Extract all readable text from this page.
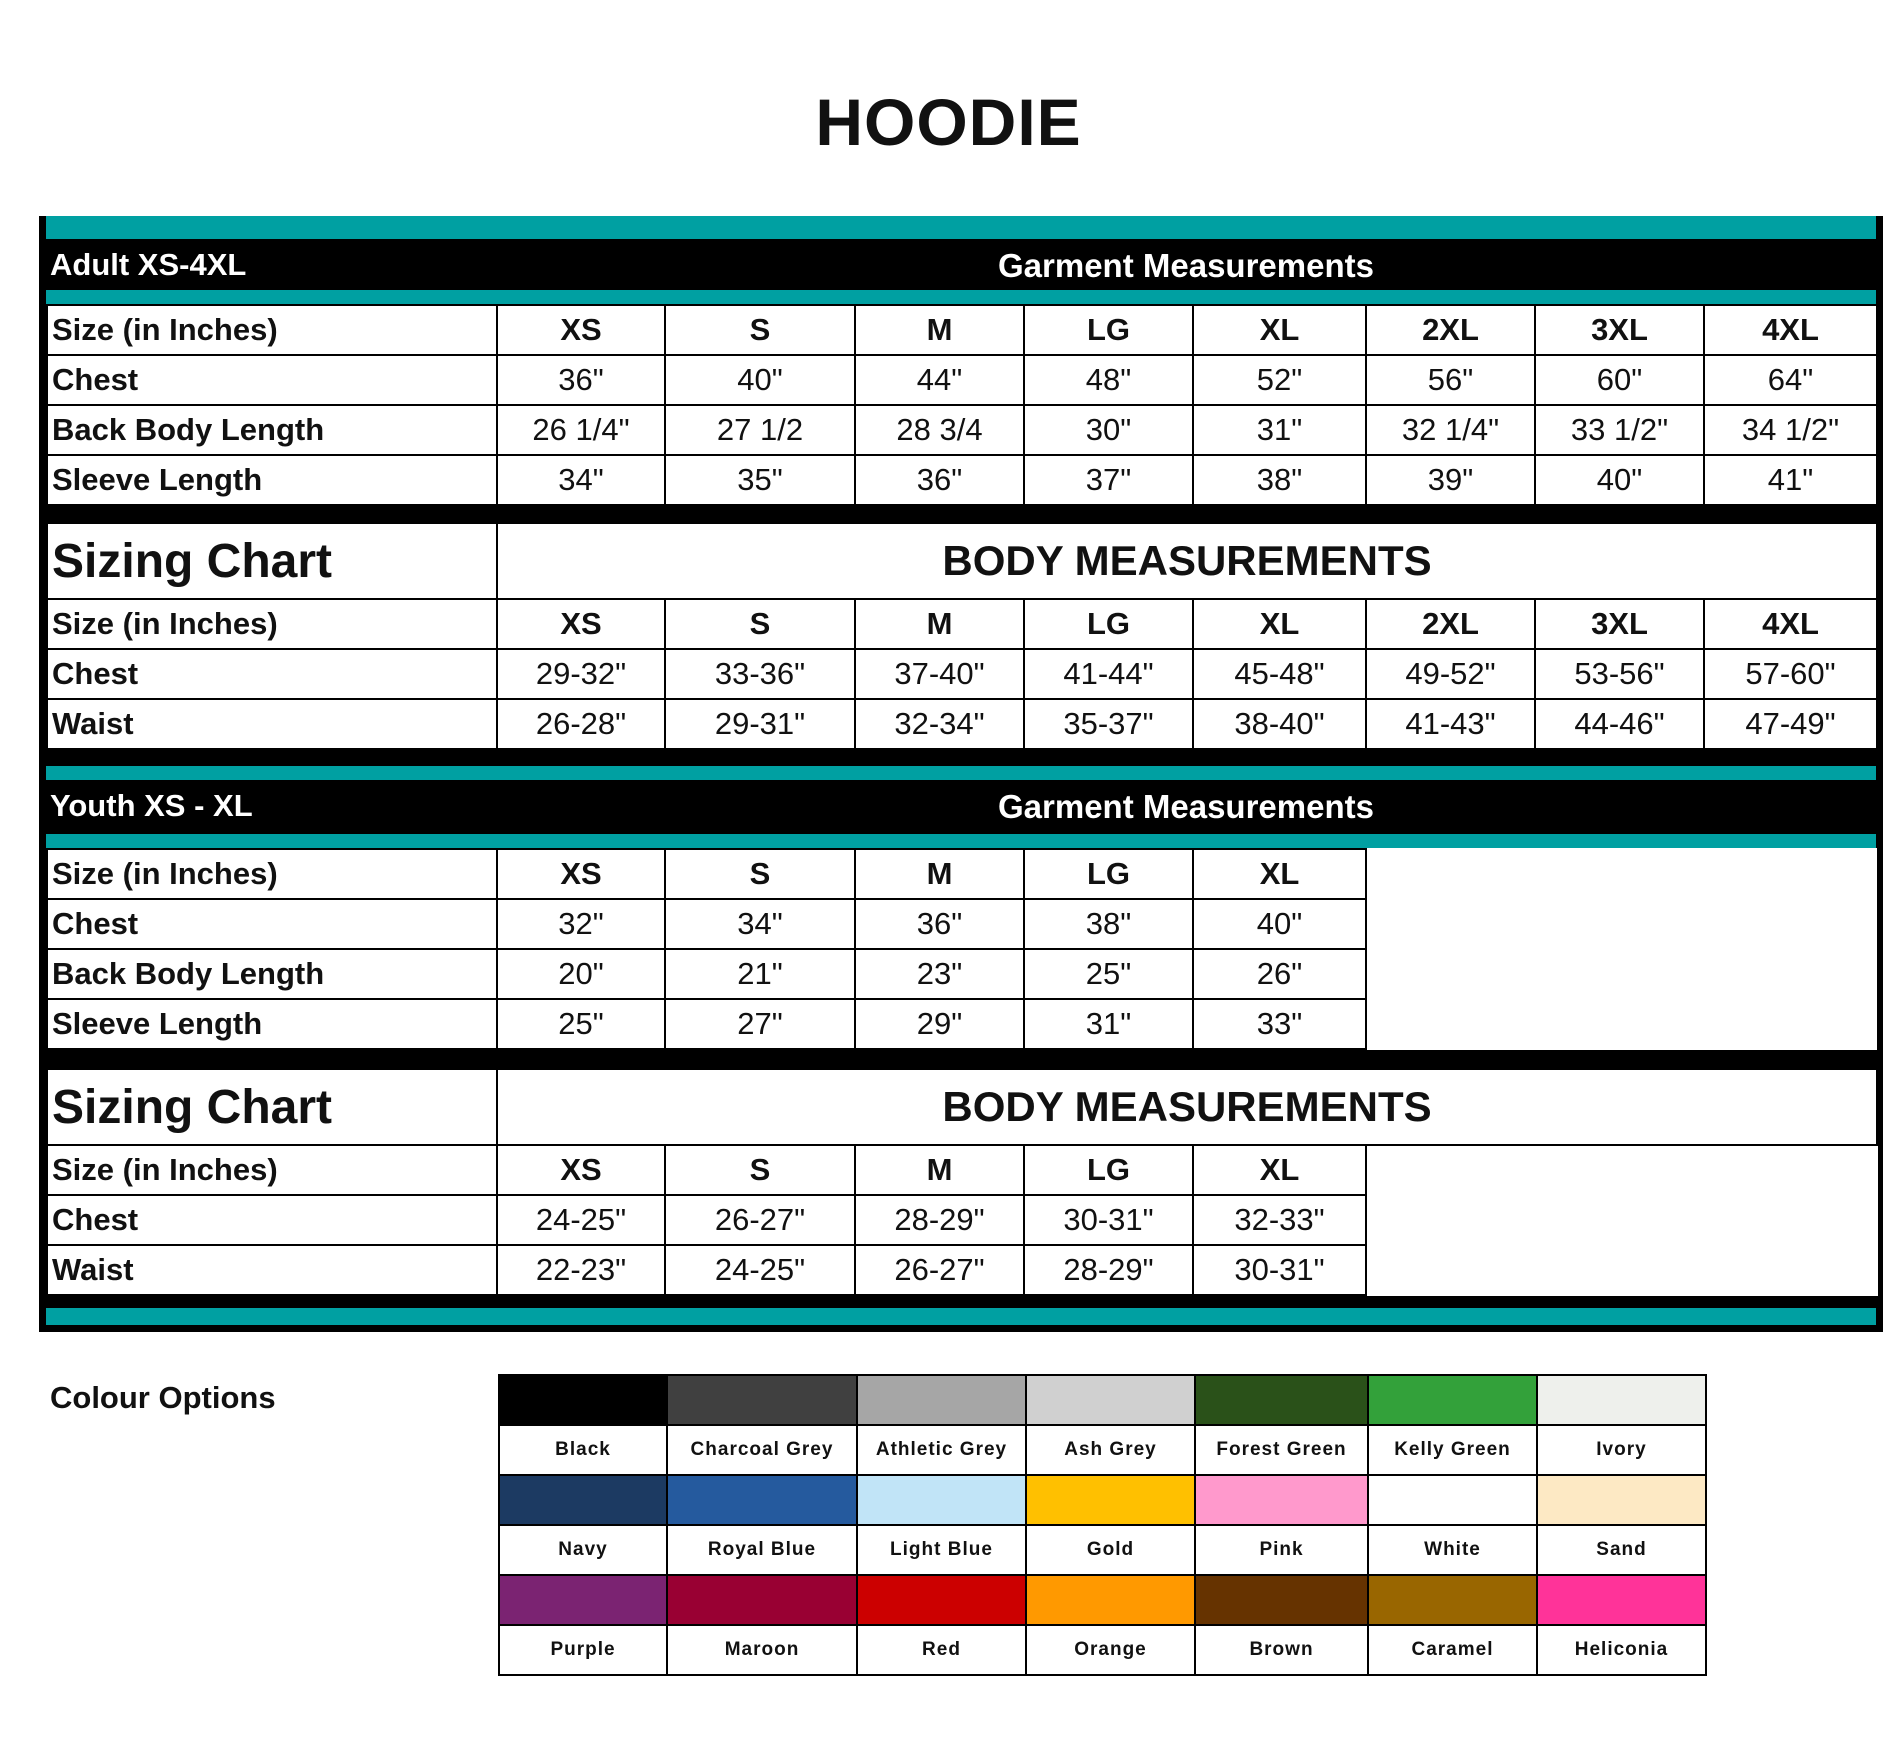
HOODIE
Adult XS-4XL	Garment Measurements
Size (in Inches)	XS	S	M	LG	XL	2XL	3XL	4XL
Chest	36"	40"	44"	48"	52"	56"	60"	64"
Back Body Length	26 1/4"	27 1/2	28 3/4	30"	31"	32 1/4"	33 1/2"	34 1/2"
Sleeve Length	34"	35"	36"	37"	38"	39"	40"	41"
Sizing Chart	BODY MEASUREMENTS							
Size (in Inches)	XS	S	M	LG	XL	2XL	3XL	4XL
Chest	29-32"	33-36"	37-40"	41-44"	45-48"	49-52"	53-56"	57-60"
Waist	26-28"	29-31"	32-34"	35-37"	38-40"	41-43"	44-46"	47-49"
Youth XS - XL	Garment Measurements
Size (in Inches)	XS	S	M	LG	XL	
Chest	32"	34"	36"	38"	40"	
Back Body Length	20"	21"	23"	25"	26"	
Sleeve Length	25"	27"	29"	31"	33"	
Sizing Chart	BODY MEASUREMENTS					
Size (in Inches)	XS	S	M	LG	XL	
Chest	24-25"	26-27"	28-29"	30-31"	32-33"	
Waist	22-23"	24-25"	26-27"	28-29"	30-31"	
Colour Options

Black	Charcoal Grey	Athletic Grey	Ash Grey	Forest Green	Kelly Green	Ivory

Navy	Royal Blue	Light Blue	Gold	Pink	White	Sand

Purple	Maroon	Red	Orange	Brown	Caramel	Heliconia
